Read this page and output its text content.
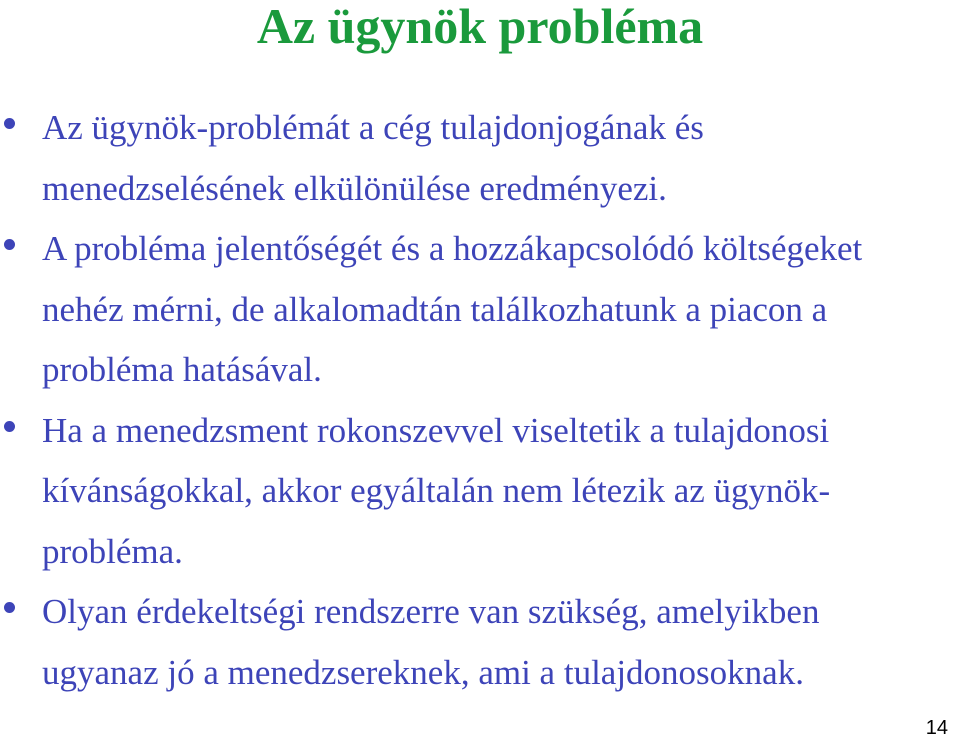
Az ügynök probléma
Az ügynök-problémát a cég tulajdonjogának és menedzselésének elkülönülése eredményezi.
A probléma jelentőségét és a hozzákapcsolódó költségeket nehéz mérni, de alkalomadtán találkozhatunk a piacon a probléma hatásával.
Ha a menedzsment rokonszevvel viseltetik a tulajdonosi kívánságokkal, akkor egyáltalán nem létezik az ügynök-probléma.
Olyan érdekeltségi rendszerre van szükség, amelyikben ugyanaz jó a menedzsereknek, ami a tulajdonosoknak.
14
